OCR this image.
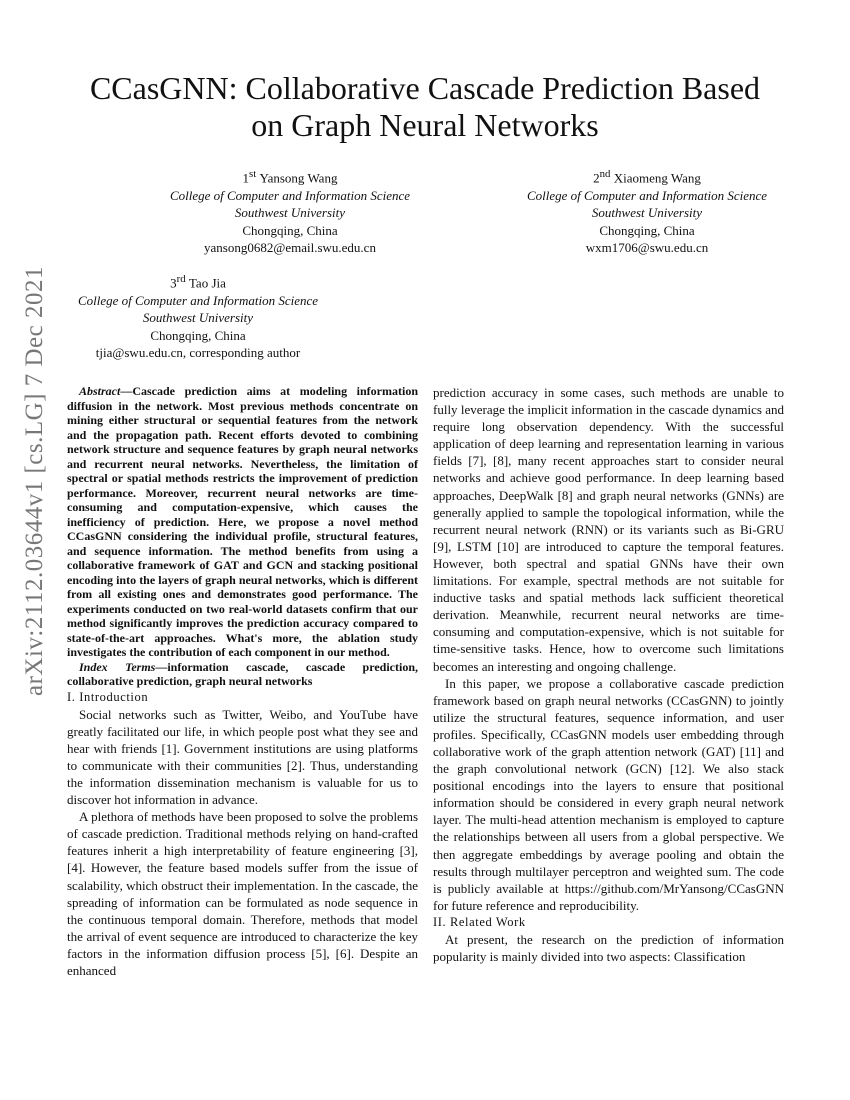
arXiv:2112.03644v1 [cs.LG] 7 Dec 2021
CCasGNN: Collaborative Cascade Prediction Based
on Graph Neural Networks
1st Yansong Wang
College of Computer and Information Science
Southwest University
Chongqing, China
yansong0682@email.swu.edu.cn
2nd Xiaomeng Wang
College of Computer and Information Science
Southwest University
Chongqing, China
wxm1706@swu.edu.cn
3rd Tao Jia
College of Computer and Information Science
Southwest University
Chongqing, China
tjia@swu.edu.cn, corresponding author

Abstract—Cascade prediction aims at modeling information diffusion in the network. Most previous methods concentrate on mining either structural or sequential features from the network and the propagation path. Recent efforts devoted to combining network structure and sequence features by graph neural networks and recurrent neural networks. Nevertheless, the limitation of spectral or spatial methods restricts the improvement of prediction performance. Moreover, recurrent neural networks are time-consuming and computation-expensive, which causes the inefficiency of prediction. Here, we propose a novel method CCasGNN considering the individual profile, structural features, and sequence information. The method benefits from using a collaborative framework of GAT and GCN and stacking positional encoding into the layers of graph neural networks, which is different from all existing ones and demonstrates good performance. The experiments conducted on two real-world datasets confirm that our method significantly improves the prediction accuracy compared to state-of-the-art approaches. What's more, the ablation study investigates the contribution of each component in our method.

Index Terms—information cascade, cascade prediction, collaborative prediction, graph neural networks

I. Introduction

Social networks such as Twitter, Weibo, and YouTube have greatly facilitated our life, in which people post what they see and hear with friends [1]. Government institutions are using platforms to communicate with their communities [2]. Thus, understanding the information dissemination mechanism is valuable for us to discover hot information in advance.

A plethora of methods have been proposed to solve the problems of cascade prediction. Traditional methods relying on hand-crafted features inherit a high interpretability of feature engineering [3], [4]. However, the feature based models suffer from the issue of scalability, which obstruct their implementation. In the cascade, the spreading of information can be formulated as node sequence in the continuous temporal domain. Therefore, methods that model the arrival of event sequence are introduced to characterize the key factors in the information diffusion process [5], [6]. Despite an enhanced

prediction accuracy in some cases, such methods are unable to fully leverage the implicit information in the cascade dynamics and require long observation dependency. With the successful application of deep learning and representation learning in various fields [7], [8], many recent approaches start to consider neural networks and achieve good performance. In deep learning based approaches, DeepWalk [8] and graph neural networks (GNNs) are generally applied to sample the topological information, while the recurrent neural network (RNN) or its variants such as Bi-GRU [9], LSTM [10] are introduced to capture the temporal features. However, both spectral and spatial GNNs have their own limitations. For example, spectral methods are not suitable for inductive tasks and spatial methods lack sufficient theoretical derivation. Meanwhile, recurrent neural networks are time-consuming and computation-expensive, which is not suitable for time-sensitive tasks. Hence, how to overcome such limitations becomes an interesting and ongoing challenge.

In this paper, we propose a collaborative cascade prediction framework based on graph neural networks (CCasGNN) to jointly utilize the structural features, sequence information, and user profiles. Specifically, CCasGNN models user embedding through collaborative work of the graph attention network (GAT) [11] and the graph convolutional network (GCN) [12]. We also stack positional encodings into the layers to ensure that positional information should be considered in every graph neural network layer. The multi-head attention mechanism is employed to capture the relationships between all users from a global perspective. We then aggregate embeddings by average pooling and obtain the results through multilayer perceptron and weighted sum. The code is publicly available at https://github.com/MrYansong/CCasGNN for future reference and reproducibility.

II. Related Work

At present, the research on the prediction of information popularity is mainly divided into two aspects: Classification
